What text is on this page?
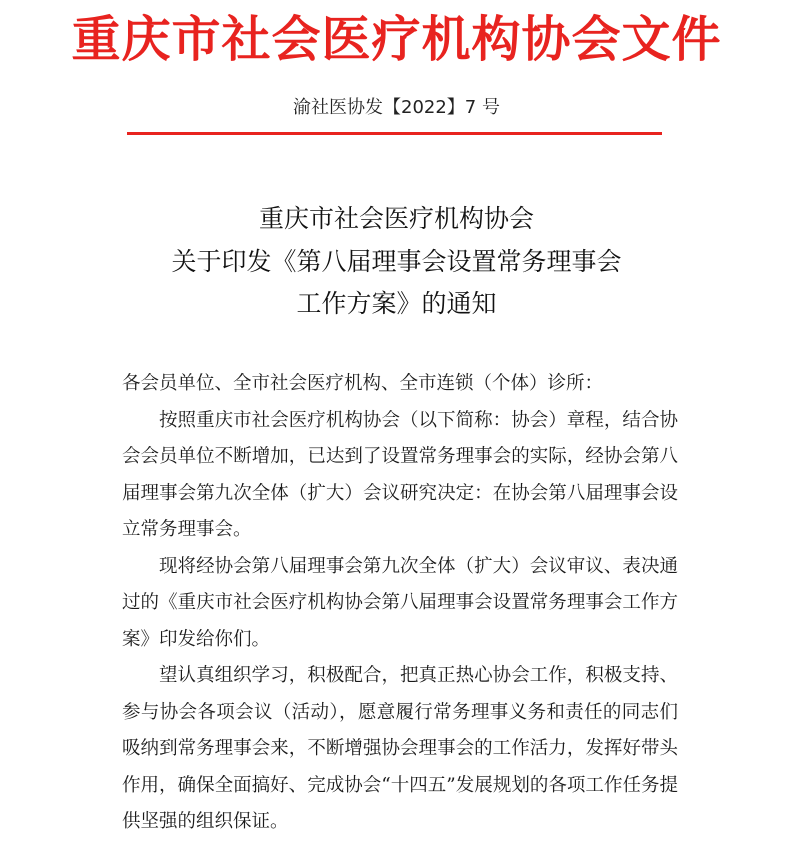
重庆市社会医疗机构协会文件
渝社医协发【2022】7 号
重庆市社会医疗机构协会
关于印发《第八届理事会设置常务理事会
工作方案》的通知

各会员单位、全市社会医疗机构、全市连锁（个体）诊所：

按照重庆市社会医疗机构协会（以下简称：协会）章程，结合协会会员单位不断增加，已达到了设置常务理事会的实际，经协会第八届理事会第九次全体（扩大）会议研究决定：在协会第八届理事会设立常务理事会。

现将经协会第八届理事会第九次全体（扩大）会议审议、表决通过的《重庆市社会医疗机构协会第八届理事会设置常务理事会工作方案》印发给你们。

望认真组织学习，积极配合，把真正热心协会工作，积极支持、参与协会各项会议（活动），愿意履行常务理事义务和责任的同志们吸纳到常务理事会来，不断增强协会理事会的工作活力，发挥好带头作用，确保全面搞好、完成协会“十四五”发展规划的各项工作任务提供坚强的组织保证。
